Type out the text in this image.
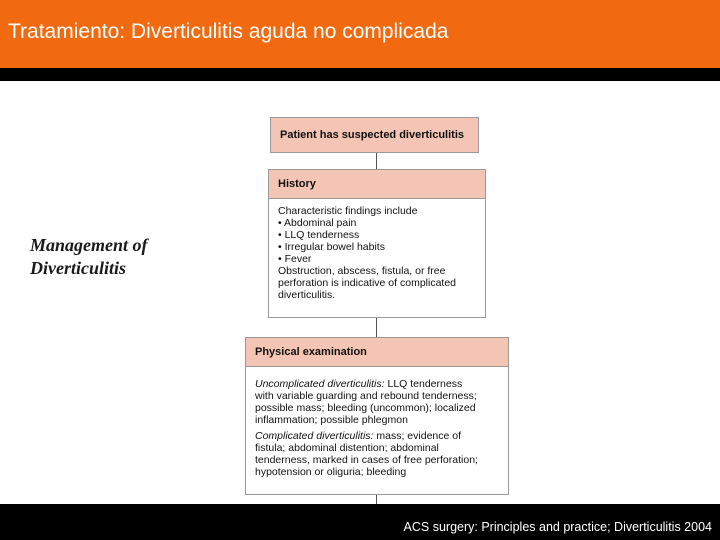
Tratamiento: Diverticulitis aguda no complicada
Management of
Diverticulitis
Patient has suspected diverticulitis
History
Characteristic findings include
• Abdominal pain
• LLQ tenderness
• Irregular bowel habits
• Fever
Obstruction, abscess, fistula, or free
perforation is indicative of complicated
diverticulitis.
Physical examination
Uncomplicated diverticulitis: LLQ tenderness
with variable guarding and rebound tenderness;
possible mass; bleeding (uncommon); localized
inflammation; possible phlegmon
Complicated diverticulitis: mass; evidence of
fistula; abdominal distention; abdominal
tenderness, marked in cases of free perforation;
hypotension or oliguria; bleeding
ACS surgery: Principles and practice; Diverticulitis 2004
